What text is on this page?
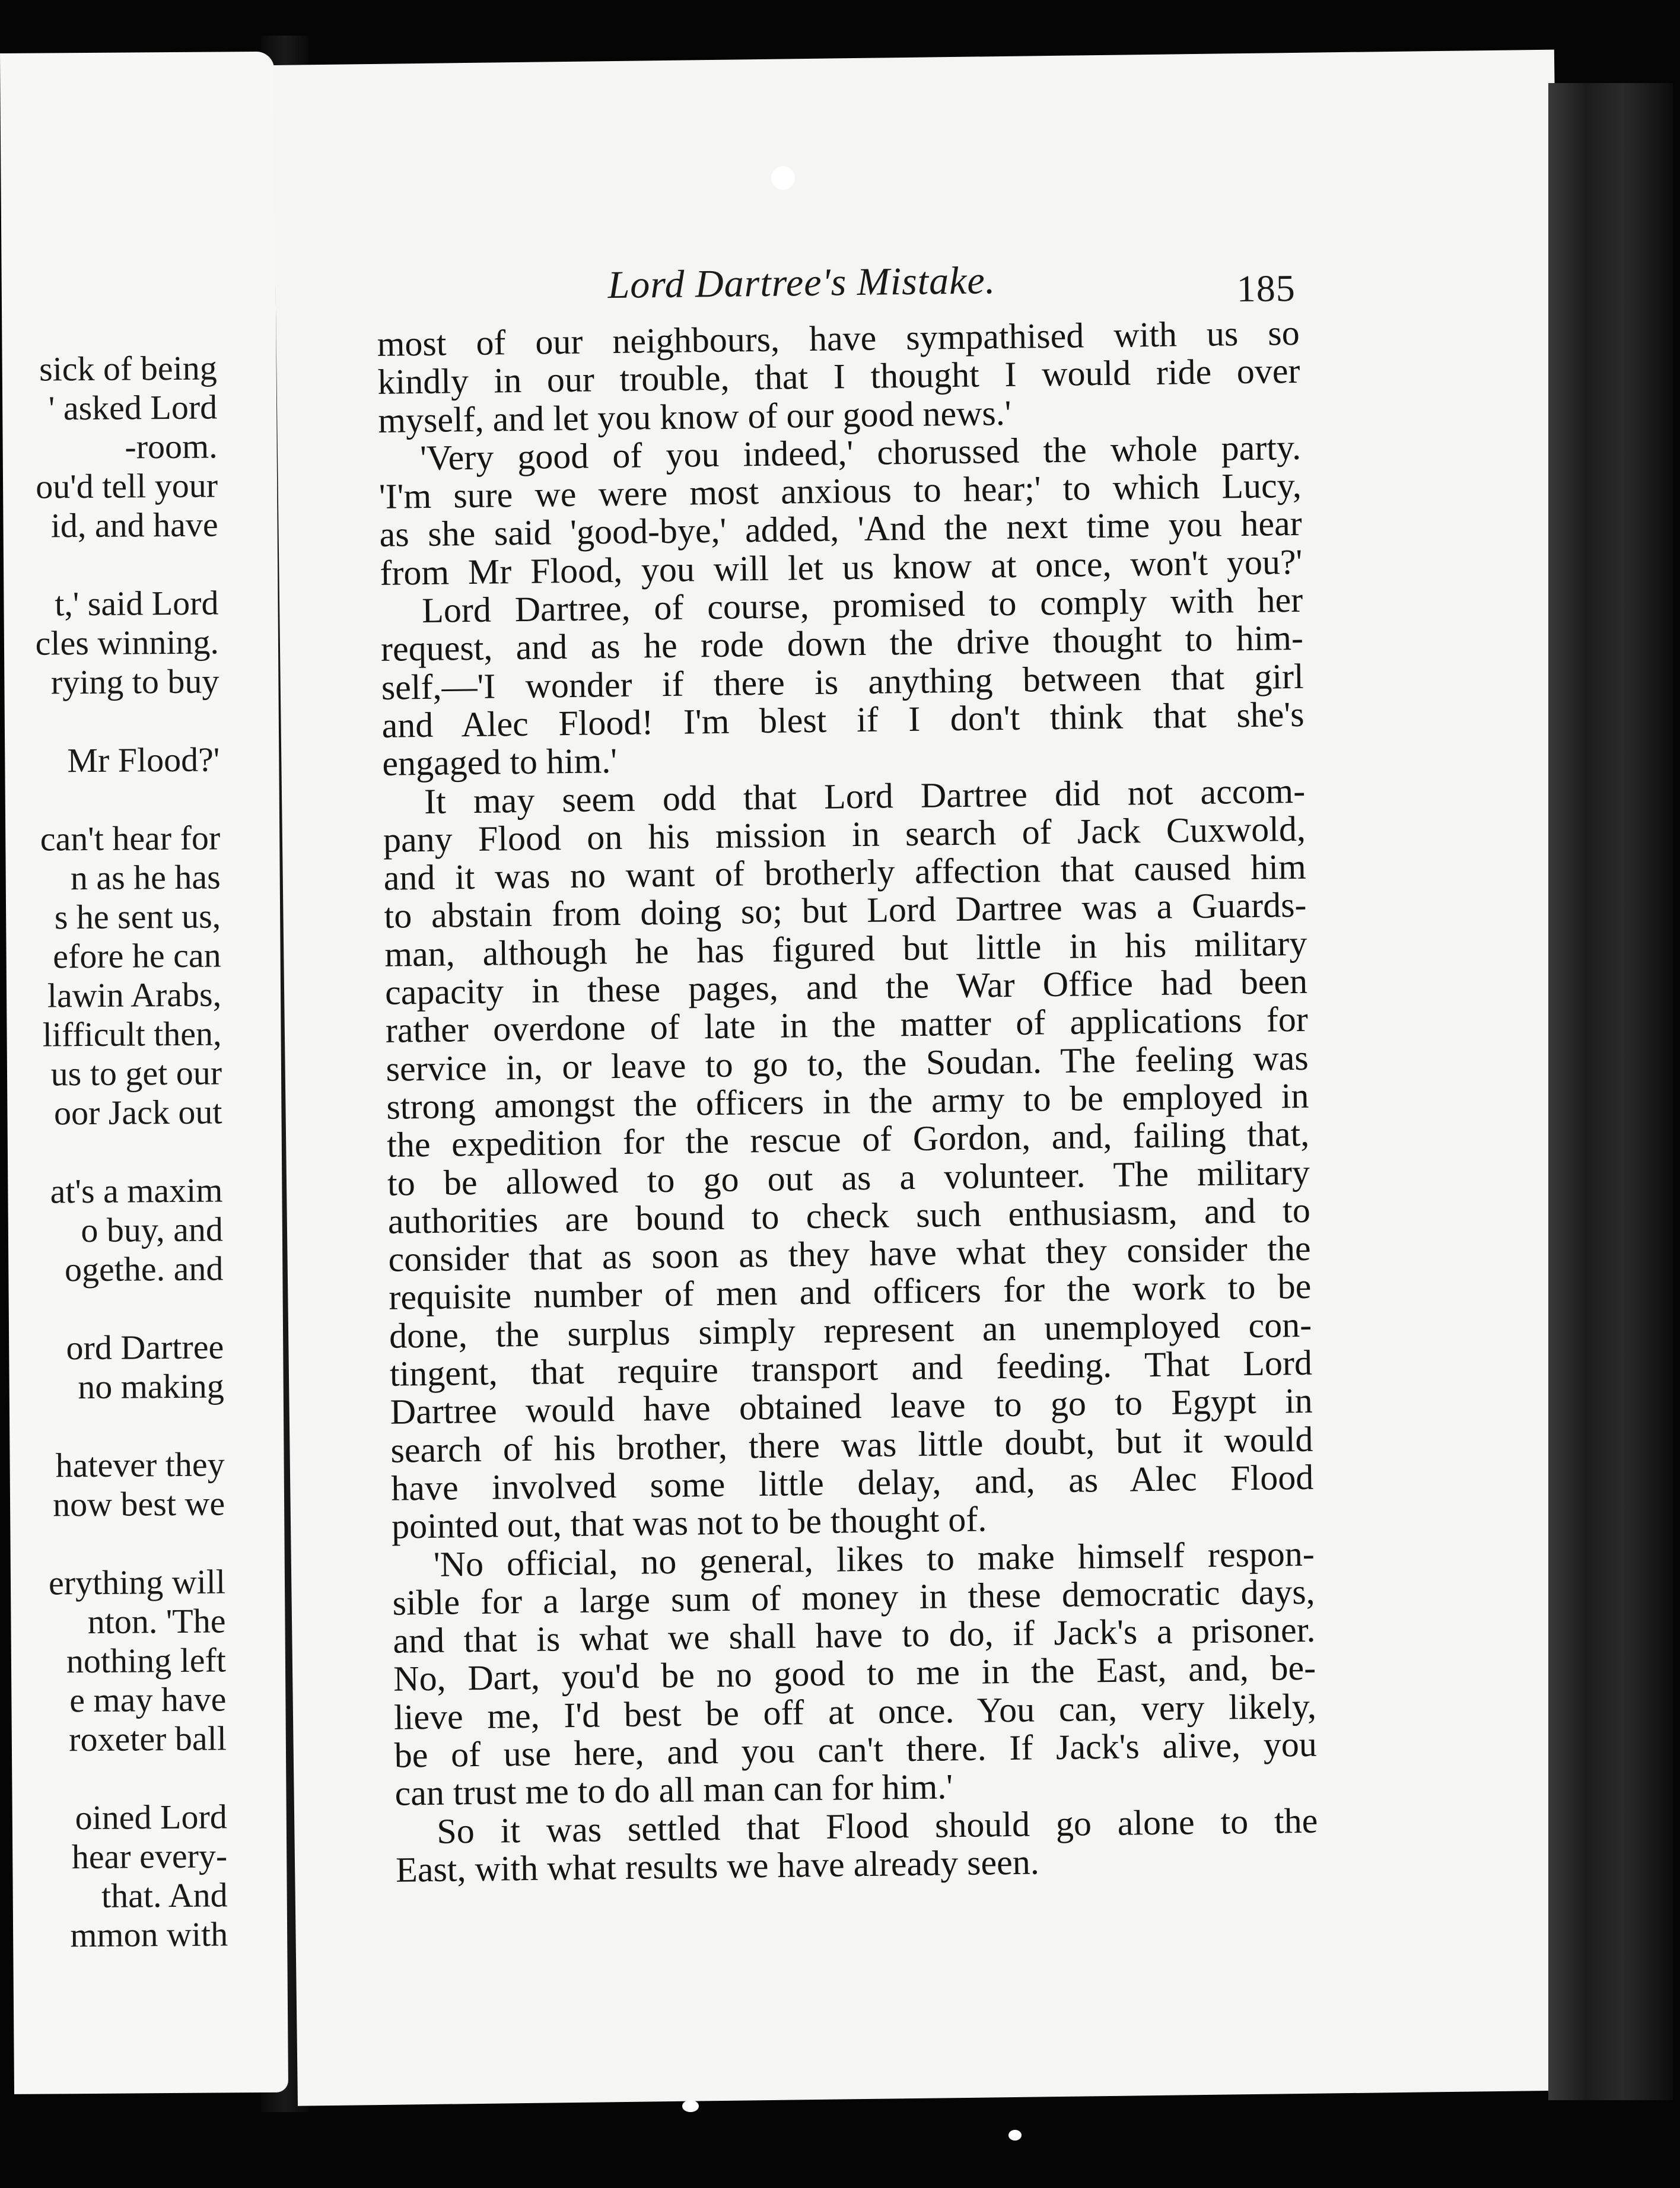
sick of being
' asked Lord
-room.
ou'd tell your
id, and have
t,' said Lord
cles winning.
rying to buy
Mr Flood?'
can't hear for
n as he has
s he sent us,
efore he can
lawin Arabs,
lifficult then,
us to get our
oor Jack out
at's a maxim
o buy, and
ogethe. and
ord Dartree
no making
hatever they
now best we
erything will
nton. 'The
nothing left
e may have
roxeter ball
oined Lord
hear every-
that. And
mmon with
Lord Dartree's Mistake.	185
most of our neighbours, have sympathised with us so
kindly in our trouble, that I thought I would ride over
myself, and let you know of our good news.'
'Very good of you indeed,' chorussed the whole party.
'I'm sure we were most anxious to hear;' to which Lucy,
as she said 'good-bye,' added, 'And the next time you hear
from Mr Flood, you will let us know at once, won't you?'
Lord Dartree, of course, promised to comply with her
request, and as he rode down the drive thought to him-
self,—'I wonder if there is anything between that girl
and Alec Flood! I'm blest if I don't think that she's
engaged to him.'
It may seem odd that Lord Dartree did not accom-
pany Flood on his mission in search of Jack Cuxwold,
and it was no want of brotherly affection that caused him
to abstain from doing so; but Lord Dartree was a Guards-
man, although he has figured but little in his military
capacity in these pages, and the War Office had been
rather overdone of late in the matter of applications for
service in, or leave to go to, the Soudan. The feeling was
strong amongst the officers in the army to be employed in
the expedition for the rescue of Gordon, and, failing that,
to be allowed to go out as a volunteer. The military
authorities are bound to check such enthusiasm, and to
consider that as soon as they have what they consider the
requisite number of men and officers for the work to be
done, the surplus simply represent an unemployed con-
tingent, that require transport and feeding. That Lord
Dartree would have obtained leave to go to Egypt in
search of his brother, there was little doubt, but it would
have involved some little delay, and, as Alec Flood
pointed out, that was not to be thought of.
'No official, no general, likes to make himself respon-
sible for a large sum of money in these democratic days,
and that is what we shall have to do, if Jack's a prisoner.
No, Dart, you'd be no good to me in the East, and, be-
lieve me, I'd best be off at once. You can, very likely,
be of use here, and you can't there. If Jack's alive, you
can trust me to do all man can for him.'
So it was settled that Flood should go alone to the
East, with what results we have already seen.
